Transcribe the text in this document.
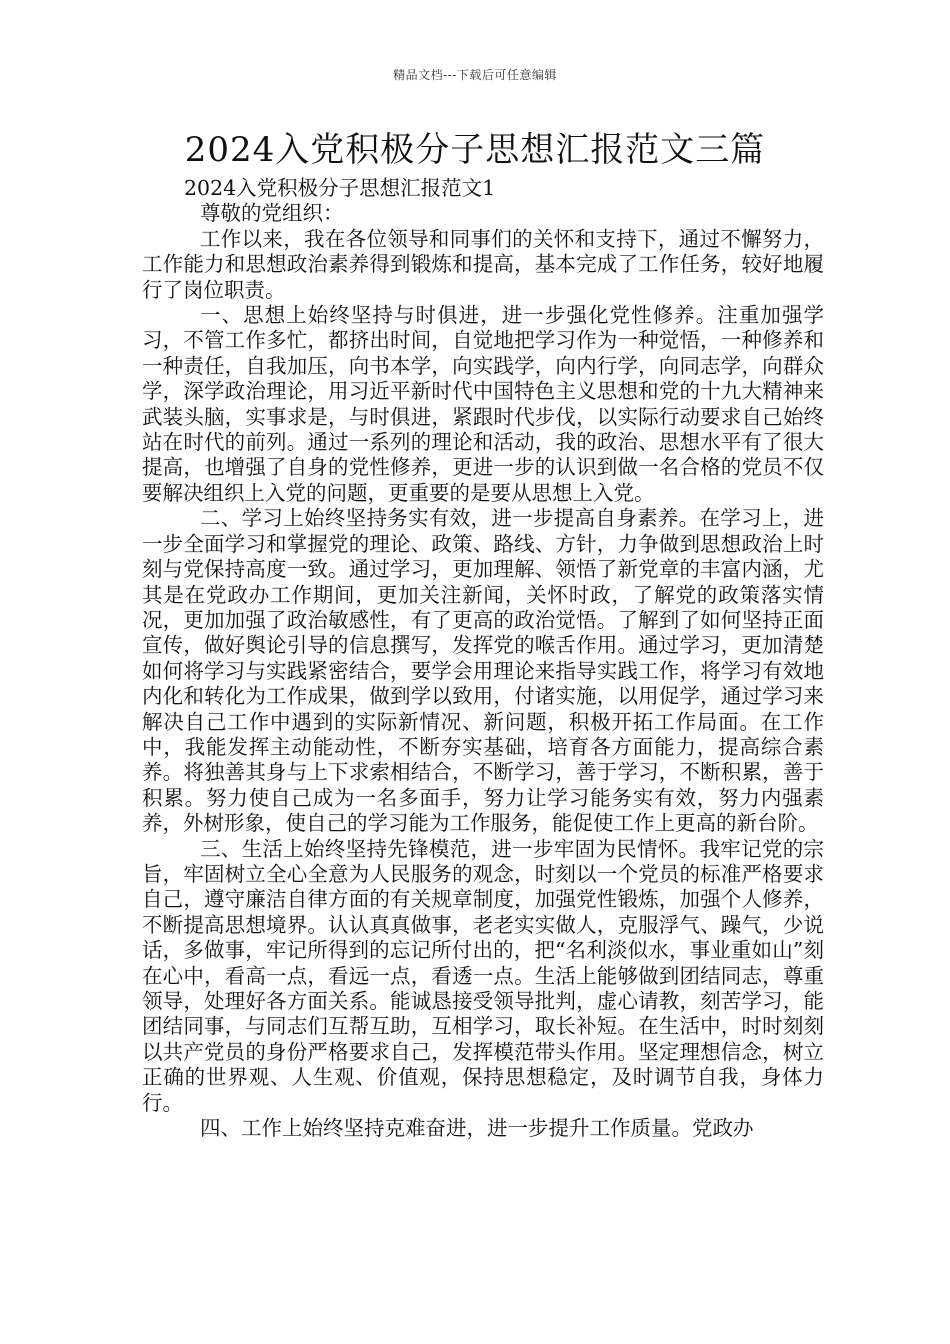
精品文档---下载后可任意编辑
2024入党积极分子思想汇报范文三篇

2024入党积极分子思想汇报范文1

尊敬的党组织：

工作以来，我在各位领导和同事们的关怀和支持下，通过不懈努力，工作能力和思想政治素养得到锻炼和提高，基本完成了工作任务，较好地履行了岗位职责。

一、思想上始终坚持与时俱进，进一步强化党性修养。注重加强学习，不管工作多忙，都挤出时间，自觉地把学习作为一种觉悟，一种修养和一种责任，自我加压，向书本学，向实践学，向内行学，向同志学，向群众学，深学政治理论，用习近平新时代中国特色主义思想和党的十九大精神来武装头脑，实事求是，与时俱进，紧跟时代步伐，以实际行动要求自己始终站在时代的前列。通过一系列的理论和活动，我的政治、思想水平有了很大提高，也增强了自身的党性修养，更进一步的认识到做一名合格的党员不仅要解决组织上入党的问题，更重要的是要从思想上入党。

二、学习上始终坚持务实有效，进一步提高自身素养。在学习上，进一步全面学习和掌握党的理论、政策、路线、方针，力争做到思想政治上时刻与党保持高度一致。通过学习，更加理解、领悟了新党章的丰富内涵，尤其是在党政办工作期间，更加关注新闻，关怀时政，了解党的政策落实情况，更加加强了政治敏感性，有了更高的政治觉悟。了解到了如何坚持正面宣传，做好舆论引导的信息撰写，发挥党的喉舌作用。通过学习，更加清楚如何将学习与实践紧密结合，要学会用理论来指导实践工作，将学习有效地内化和转化为工作成果，做到学以致用，付诸实施，以用促学，通过学习来解决自己工作中遇到的实际新情况、新问题，积极开拓工作局面。在工作中，我能发挥主动能动性，不断夯实基础，培育各方面能力，提高综合素养。将独善其身与上下求索相结合，不断学习，善于学习，不断积累，善于积累。努力使自己成为一名多面手，努力让学习能务实有效，努力内强素养，外树形象，使自己的学习能为工作服务，能促使工作上更高的新台阶。

三、生活上始终坚持先锋模范，进一步牢固为民情怀。我牢记党的宗旨，牢固树立全心全意为人民服务的观念，时刻以一个党员的标准严格要求自己，遵守廉洁自律方面的有关规章制度，加强党性锻炼，加强个人修养，不断提高思想境界。认认真真做事，老老实实做人，克服浮气、躁气，少说话，多做事，牢记所得到的忘记所付出的，把“名利淡似水，事业重如山”刻在心中，看高一点，看远一点，看透一点。生活上能够做到团结同志，尊重领导，处理好各方面关系。能诚恳接受领导批判，虚心请教，刻苦学习，能团结同事，与同志们互帮互助，互相学习，取长补短。在生活中，时时刻刻以共产党员的身份严格要求自己，发挥模范带头作用。坚定理想信念，树立正确的世界观、人生观、价值观，保持思想稳定，及时调节自我，身体力行。

四、工作上始终坚持克难奋进，进一步提升工作质量。党政办
